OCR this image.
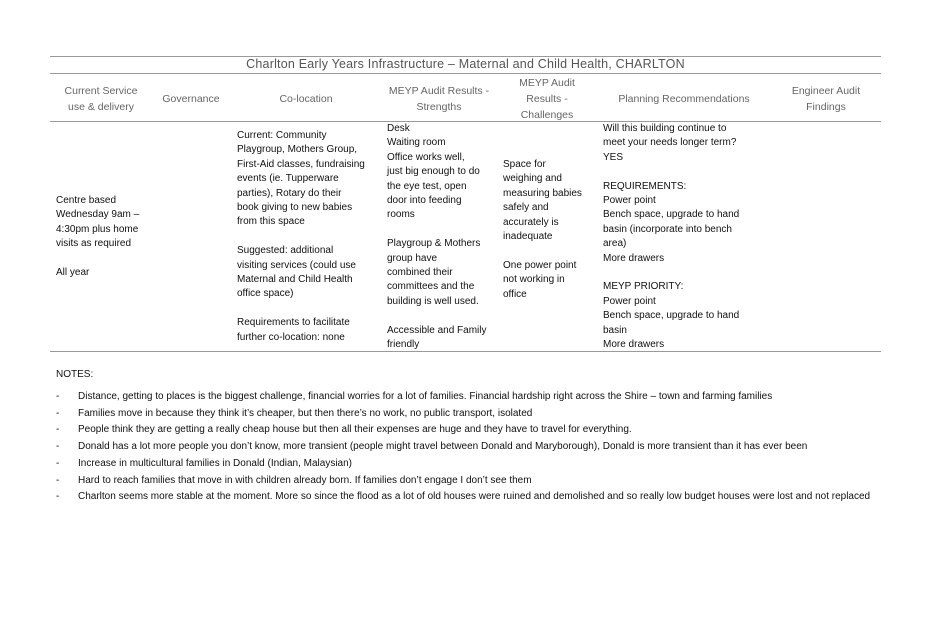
Charlton Early Years Infrastructure – Maternal and Child Health, CHARLTON
Current Service use & delivery
Governance	Co-location
MEYP Audit Results - Strengths
MEYP Audit Results - Challenges
Planning Recommendations
Engineer Audit Findings
Centre based
Wednesday 9am –
4:30pm plus home
visits as required

All year
Current: Community
Playgroup, Mothers Group,
First-Aid classes, fundraising
events (ie. Tupperware
parties), Rotary do their
book giving to new babies
from this space

Suggested: additional
visiting services (could use
Maternal and Child Health
office space)

Requirements to facilitate
further co-location: none
Desk
Waiting room
Office works well,
just big enough to do
the eye test, open
door into feeding
rooms

Playgroup & Mothers
group have
combined their
committees and the
building is well used.

Accessible and Family
friendly
Space for
weighing and
measuring babies
safely and
accurately is
inadequate

One power point
not working in
office
Will this building continue to
meet your needs longer term?
YES

REQUIREMENTS:
Power point
Bench space, upgrade to hand
basin (incorporate into bench
area)
More drawers

MEYP PRIORITY:
Power point
Bench space, upgrade to hand
basin
More drawers
NOTES:
- Distance, getting to places is the biggest challenge, financial worries for a lot of families. Financial hardship right across the Shire – town and farming families
- Families move in because they think it’s cheaper, but then there’s no work, no public transport, isolated
- People think they are getting a really cheap house but then all their expenses are huge and they have to travel for everything.
- Donald has a lot more people you don’t know, more transient (people might travel between Donald and Maryborough), Donald is more transient than it has ever been
- Increase in multicultural families in Donald (Indian, Malaysian)
- Hard to reach families that move in with children already born. If families don’t engage I don’t see them
- Charlton seems more stable at the moment. More so since the flood as a lot of old houses were ruined and demolished and so really low budget houses were lost and not replaced
